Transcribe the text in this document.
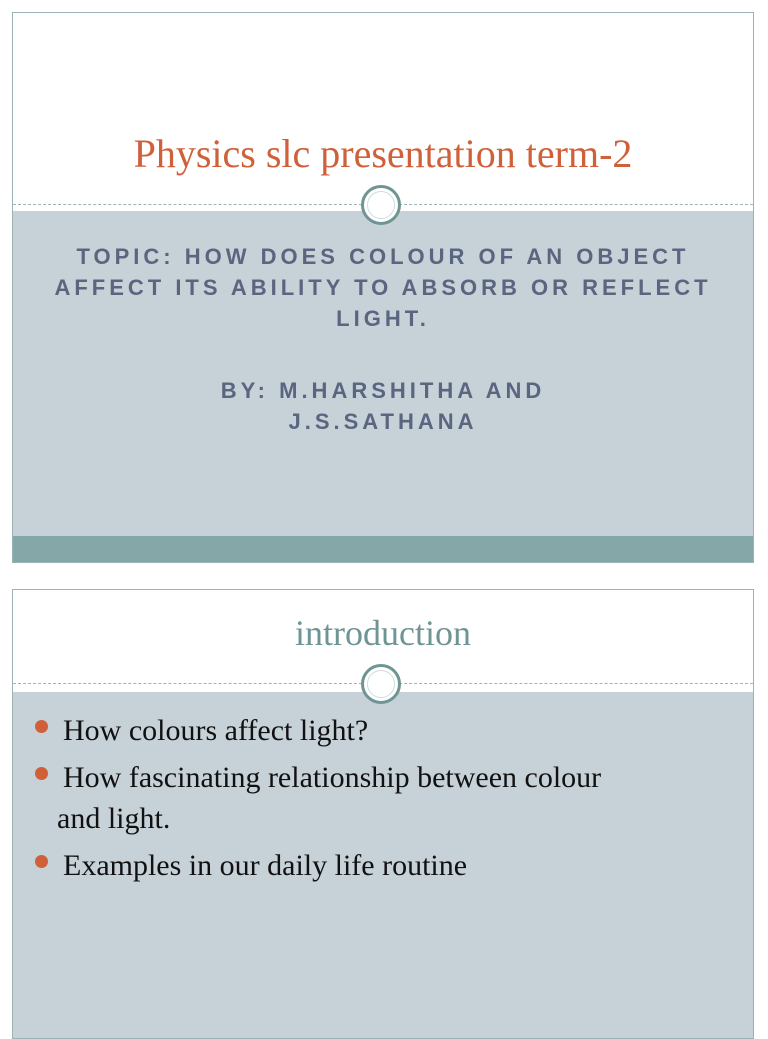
Physics slc presentation term-2
TOPIC: HOW DOES COLOUR OF AN OBJECT AFFECT ITS ABILITY TO ABSORB OR REFLECT LIGHT.
BY: M.HARSHITHA AND J.S.SATHANA
introduction
How colours affect light?
How fascinating relationship between colour
and light.
Examples in our daily life routine
